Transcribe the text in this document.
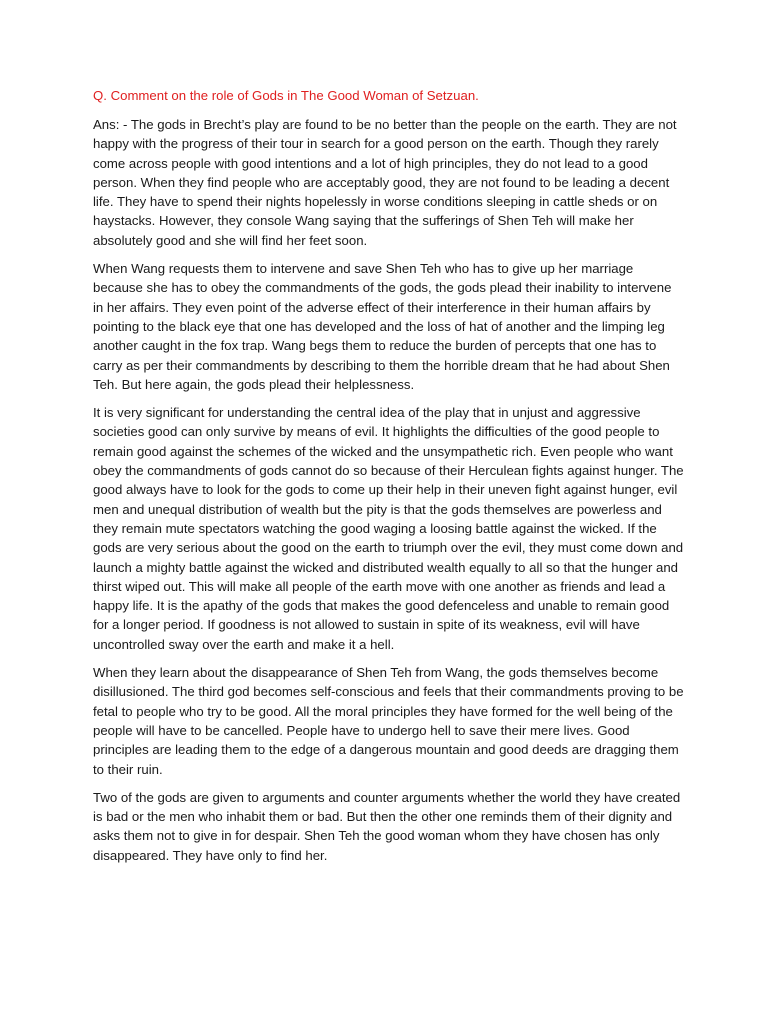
Q. Comment on the role of Gods in The Good Woman of Setzuan.

Ans: - The gods in Brecht’s play are found to be no better than the people on the earth. They are not happy with the progress of their tour in search for a good person on the earth. Though they rarely come across people with good intentions and a lot of high principles, they do not lead to a good person. When they find people who are acceptably good, they are not found to be leading a decent life. They have to spend their nights hopelessly in worse conditions sleeping in cattle sheds or on haystacks. However, they console Wang saying that the sufferings of Shen Teh will make her absolutely good and she will find her feet soon.

When Wang requests them to intervene and save Shen Teh who has to give up her marriage because she has to obey the commandments of the gods, the gods plead their inability to intervene in her affairs. They even point of the adverse effect of their interference in their human affairs by pointing to the black eye that one has developed and the loss of hat of another and the limping leg another caught in the fox trap. Wang begs them to reduce the burden of percepts that one has to carry as per their commandments by describing to them the horrible dream that he had about Shen Teh. But here again, the gods plead their helplessness.

It is very significant for understanding the central idea of the play that in unjust and aggressive societies good can only survive by means of evil. It highlights the difficulties of the good people to remain good against the schemes of the wicked and the unsympathetic rich. Even people who want obey the commandments of gods cannot do so because of their Herculean fights against hunger. The good always have to look for the gods to come up their help in their uneven fight against hunger, evil men and unequal distribution of wealth but the pity is that the gods themselves are powerless and they remain mute spectators watching the good waging a loosing battle against the wicked. If the gods are very serious about the good on the earth to triumph over the evil, they must come down and launch a mighty battle against the wicked and distributed wealth equally to all so that the hunger and thirst wiped out. This will make all people of the earth move with one another as friends and lead a happy life. It is the apathy of the gods that makes the good defenceless and unable to remain good for a longer period. If goodness is not allowed to sustain in spite of its weakness, evil will have uncontrolled sway over the earth and make it a hell.

When they learn about the disappearance of Shen Teh from Wang, the gods themselves become disillusioned. The third god becomes self-conscious and feels that their commandments proving to be fetal to people who try to be good. All the moral principles they have formed for the well being of the people will have to be cancelled. People have to undergo hell to save their mere lives. Good principles are leading them to the edge of a dangerous mountain and good deeds are dragging them to their ruin.

Two of the gods are given to arguments and counter arguments whether the world they have created is bad or the men who inhabit them or bad. But then the other one reminds them of their dignity and asks them not to give in for despair. Shen Teh the good woman whom they have chosen has only disappeared. They have only to find her.
